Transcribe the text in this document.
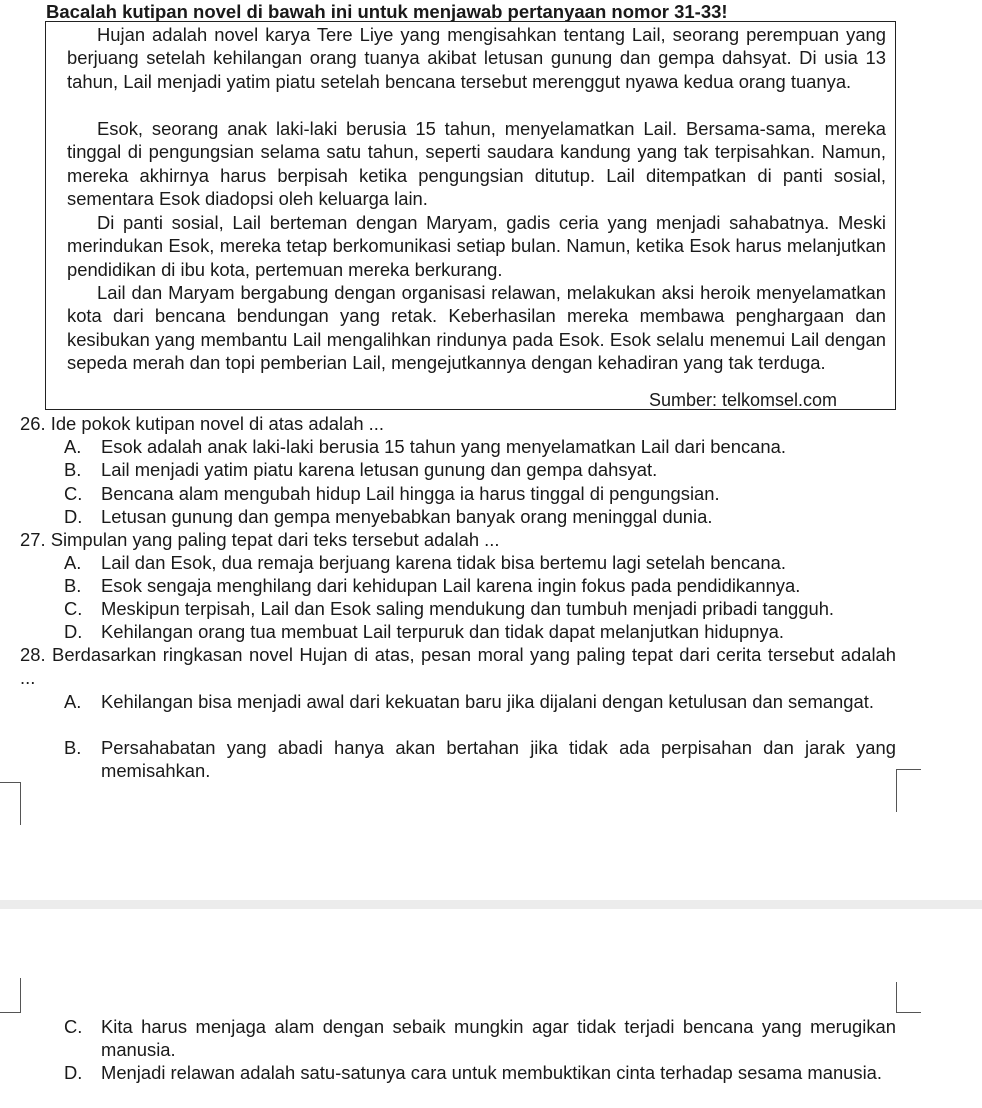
Bacalah kutipan novel di bawah ini untuk menjawab pertanyaan nomor 31-33!
Hujan adalah novel karya Tere Liye yang mengisahkan tentang Lail, seorang perempuan yang berjuang setelah kehilangan orang tuanya akibat letusan gunung dan gempa dahsyat. Di usia 13 tahun, Lail menjadi yatim piatu setelah bencana tersebut merenggut nyawa kedua orang tuanya.
Esok, seorang anak laki-laki berusia 15 tahun, menyelamatkan Lail. Bersama-sama, mereka tinggal di pengungsian selama satu tahun, seperti saudara kandung yang tak terpisahkan. Namun, mereka akhirnya harus berpisah ketika pengungsian ditutup. Lail ditempatkan di panti sosial, sementara Esok diadopsi oleh keluarga lain.
Di panti sosial, Lail berteman dengan Maryam, gadis ceria yang menjadi sahabatnya. Meski merindukan Esok, mereka tetap berkomunikasi setiap bulan. Namun, ketika Esok harus melanjutkan pendidikan di ibu kota, pertemuan mereka berkurang.
Lail dan Maryam bergabung dengan organisasi relawan, melakukan aksi heroik menyelamatkan kota dari bencana bendungan yang retak. Keberhasilan mereka membawa penghargaan dan kesibukan yang membantu Lail mengalihkan rindunya pada Esok. Esok selalu menemui Lail dengan sepeda merah dan topi pemberian Lail, mengejutkannya dengan kehadiran yang tak terduga.
Sumber: telkomsel.com
26. Ide pokok kutipan novel di atas adalah ...
A. Esok adalah anak laki-laki berusia 15 tahun yang menyelamatkan Lail dari bencana.
B. Lail menjadi yatim piatu karena letusan gunung dan gempa dahsyat.
C. Bencana alam mengubah hidup Lail hingga ia harus tinggal di pengungsian.
D. Letusan gunung dan gempa menyebabkan banyak orang meninggal dunia.
27. Simpulan yang paling tepat dari teks tersebut adalah ...
A. Lail dan Esok, dua remaja berjuang karena tidak bisa bertemu lagi setelah bencana.
B. Esok sengaja menghilang dari kehidupan Lail karena ingin fokus pada pendidikannya.
C. Meskipun terpisah, Lail dan Esok saling mendukung dan tumbuh menjadi pribadi tangguh.
D. Kehilangan orang tua membuat Lail terpuruk dan tidak dapat melanjutkan hidupnya.
28. Berdasarkan ringkasan novel Hujan di atas, pesan moral yang paling tepat dari cerita tersebut adalah ...
A. Kehilangan bisa menjadi awal dari kekuatan baru jika dijalani dengan ketulusan dan semangat.
B. Persahabatan yang abadi hanya akan bertahan jika tidak ada perpisahan dan jarak yang memisahkan.
C. Kita harus menjaga alam dengan sebaik mungkin agar tidak terjadi bencana yang merugikan manusia.
D. Menjadi relawan adalah satu-satunya cara untuk membuktikan cinta terhadap sesama manusia.
